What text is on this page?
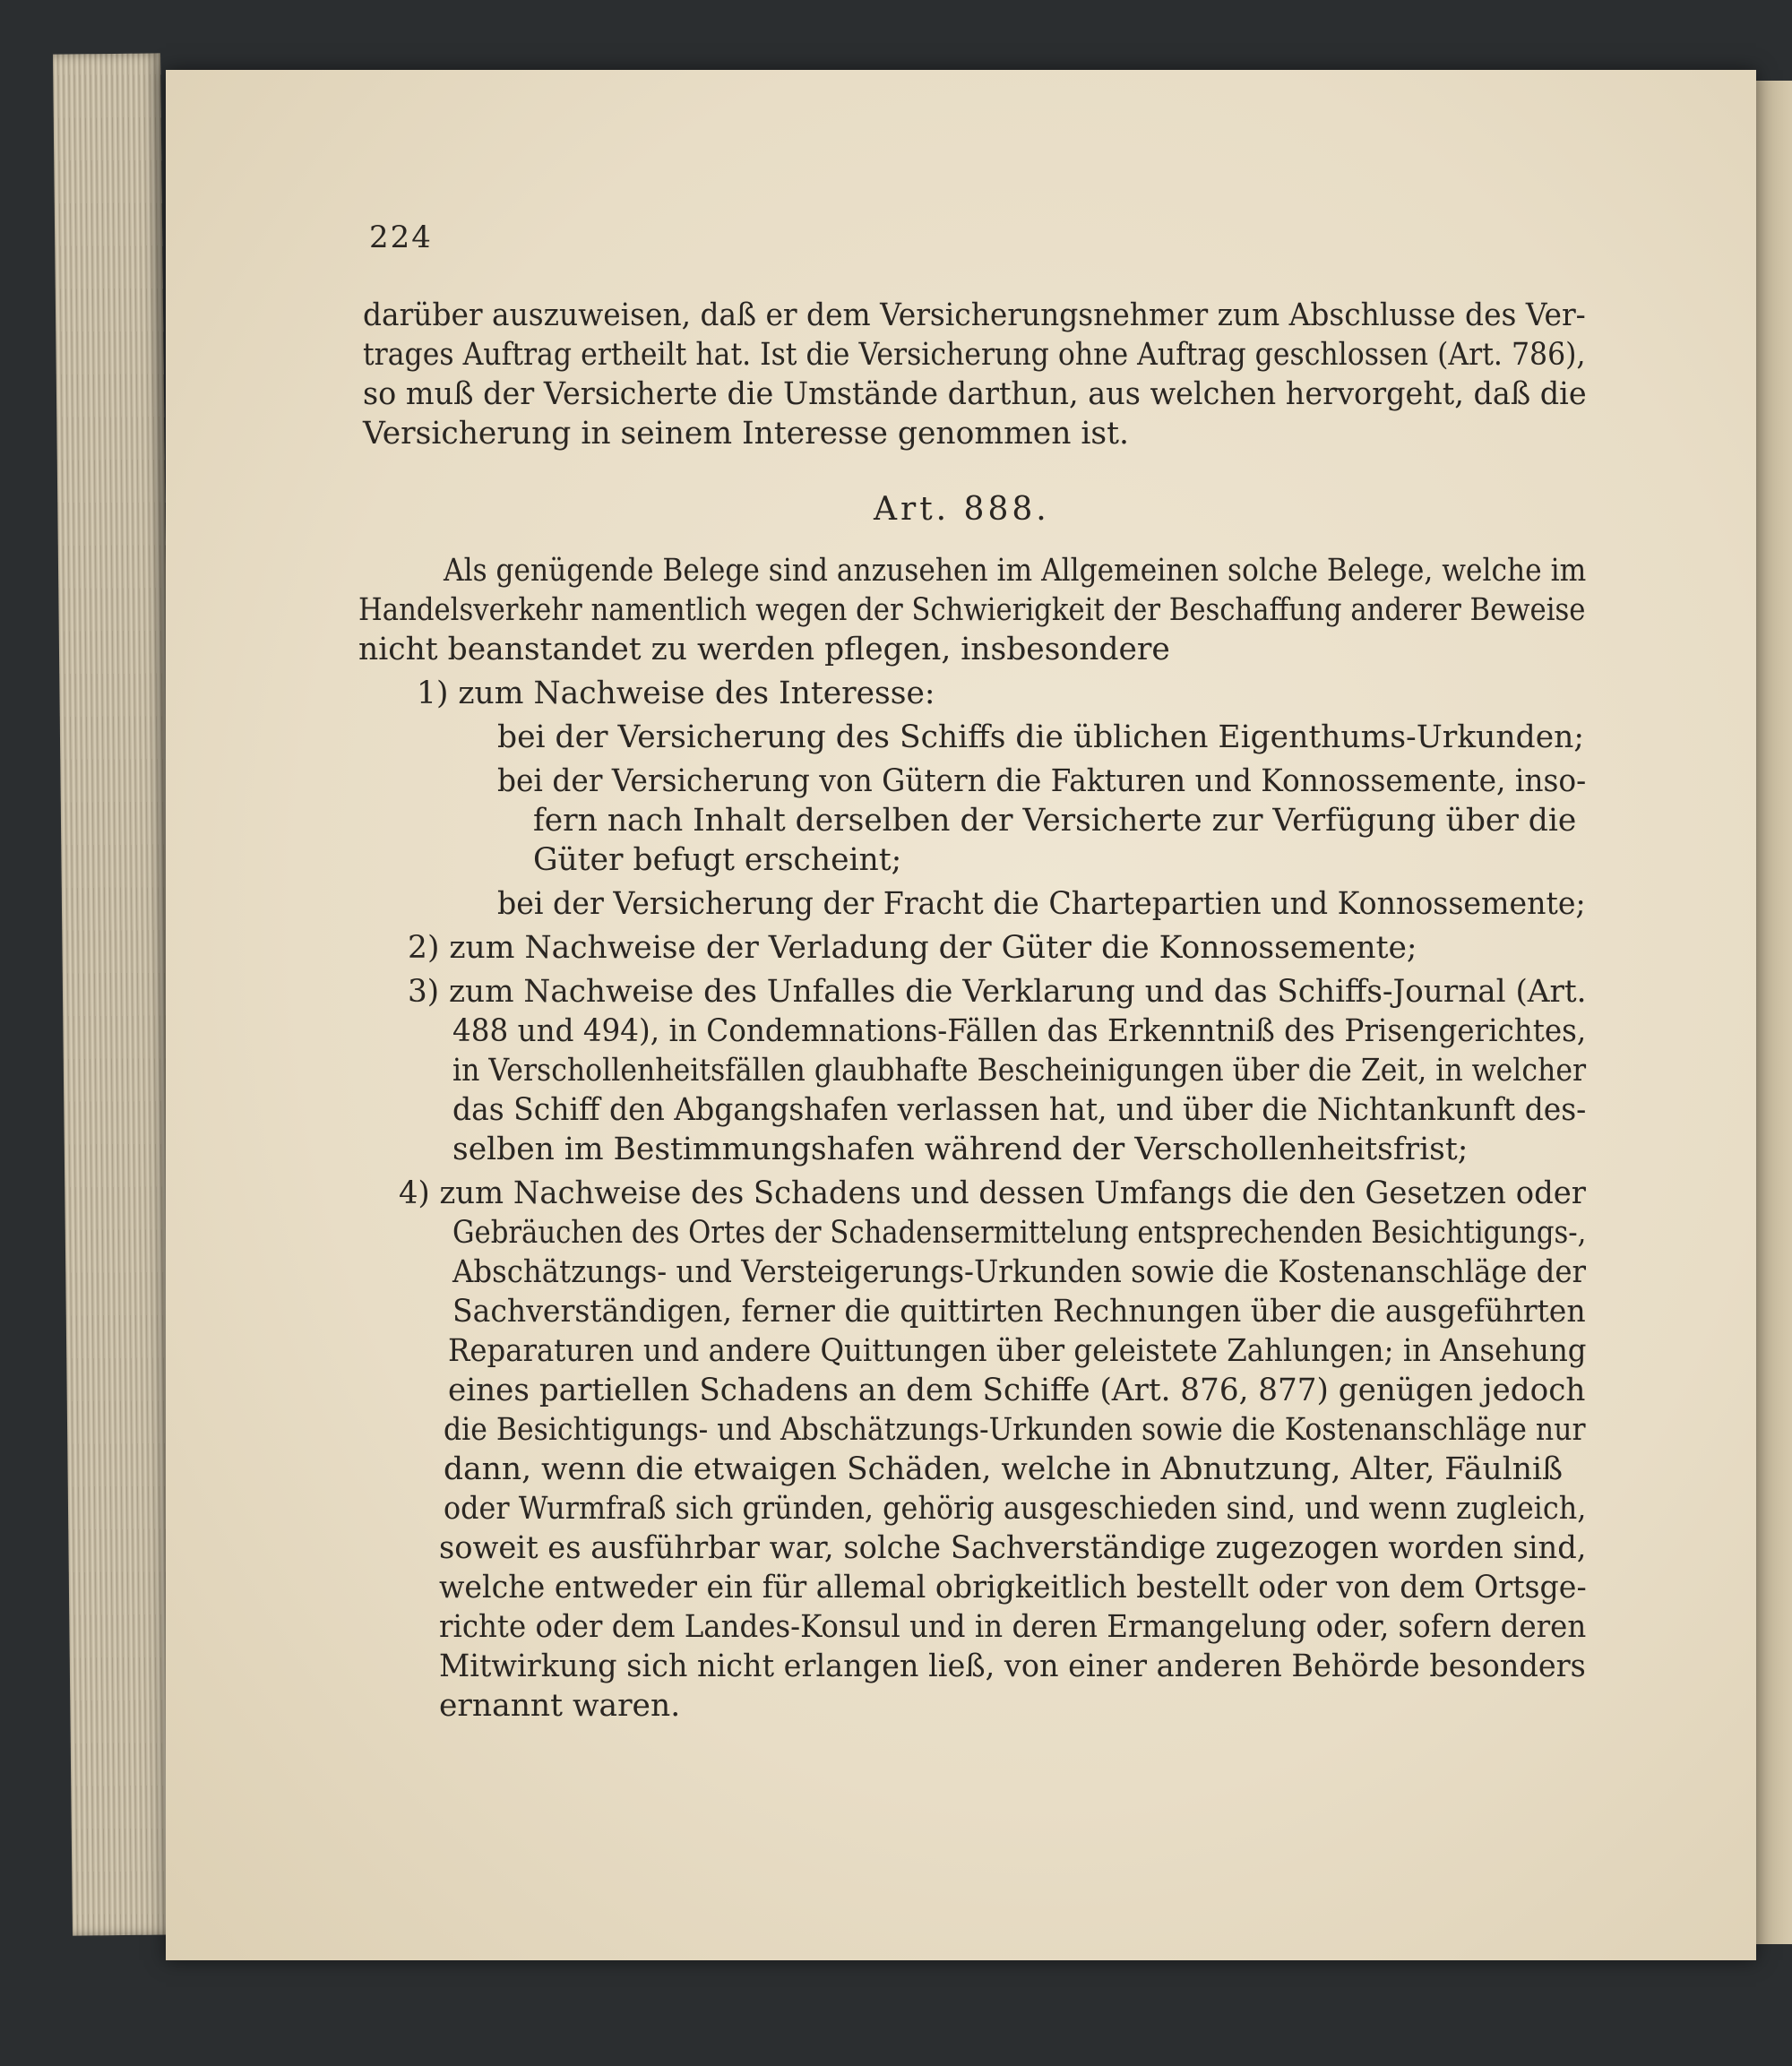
224
darüber auszuweisen, daß er dem Versicherungsnehmer zum Abschlusse des Ver-
trages Auftrag ertheilt hat. Ist die Versicherung ohne Auftrag geschlossen (Art. 786),
so muß der Versicherte die Umstände darthun, aus welchen hervorgeht, daß die
Versicherung in seinem Interesse genommen ist.
Art. 888.
Als genügende Belege sind anzusehen im Allgemeinen solche Belege, welche im
Handelsverkehr namentlich wegen der Schwierigkeit der Beschaffung anderer Beweise
nicht beanstandet zu werden pflegen, insbesondere
1) zum Nachweise des Interesse:
bei der Versicherung des Schiffs die üblichen Eigenthums-Urkunden;
bei der Versicherung von Gütern die Fakturen und Konnossemente, inso-
fern nach Inhalt derselben der Versicherte zur Verfügung über die
Güter befugt erscheint;
bei der Versicherung der Fracht die Chartepartien und Konnossemente;
2) zum Nachweise der Verladung der Güter die Konnossemente;
3) zum Nachweise des Unfalles die Verklarung und das Schiffs-Journal (Art.
488 und 494), in Condemnations-Fällen das Erkenntniß des Prisengerichtes,
in Verschollenheitsfällen glaubhafte Bescheinigungen über die Zeit, in welcher
das Schiff den Abgangshafen verlassen hat, und über die Nichtankunft des-
selben im Bestimmungshafen während der Verschollenheitsfrist;
4) zum Nachweise des Schadens und dessen Umfangs die den Gesetzen oder
Gebräuchen des Ortes der Schadensermittelung entsprechenden Besichtigungs-,
Abschätzungs- und Versteigerungs-Urkunden sowie die Kostenanschläge der
Sachverständigen, ferner die quittirten Rechnungen über die ausgeführten
Reparaturen und andere Quittungen über geleistete Zahlungen; in Ansehung
eines partiellen Schadens an dem Schiffe (Art. 876, 877) genügen jedoch
die Besichtigungs- und Abschätzungs-Urkunden sowie die Kostenanschläge nur
dann, wenn die etwaigen Schäden, welche in Abnutzung, Alter, Fäulniß
oder Wurmfraß sich gründen, gehörig ausgeschieden sind, und wenn zugleich,
soweit es ausführbar war, solche Sachverständige zugezogen worden sind,
welche entweder ein für allemal obrigkeitlich bestellt oder von dem Ortsge-
richte oder dem Landes-Konsul und in deren Ermangelung oder, sofern deren
Mitwirkung sich nicht erlangen ließ, von einer anderen Behörde besonders
ernannt waren.
